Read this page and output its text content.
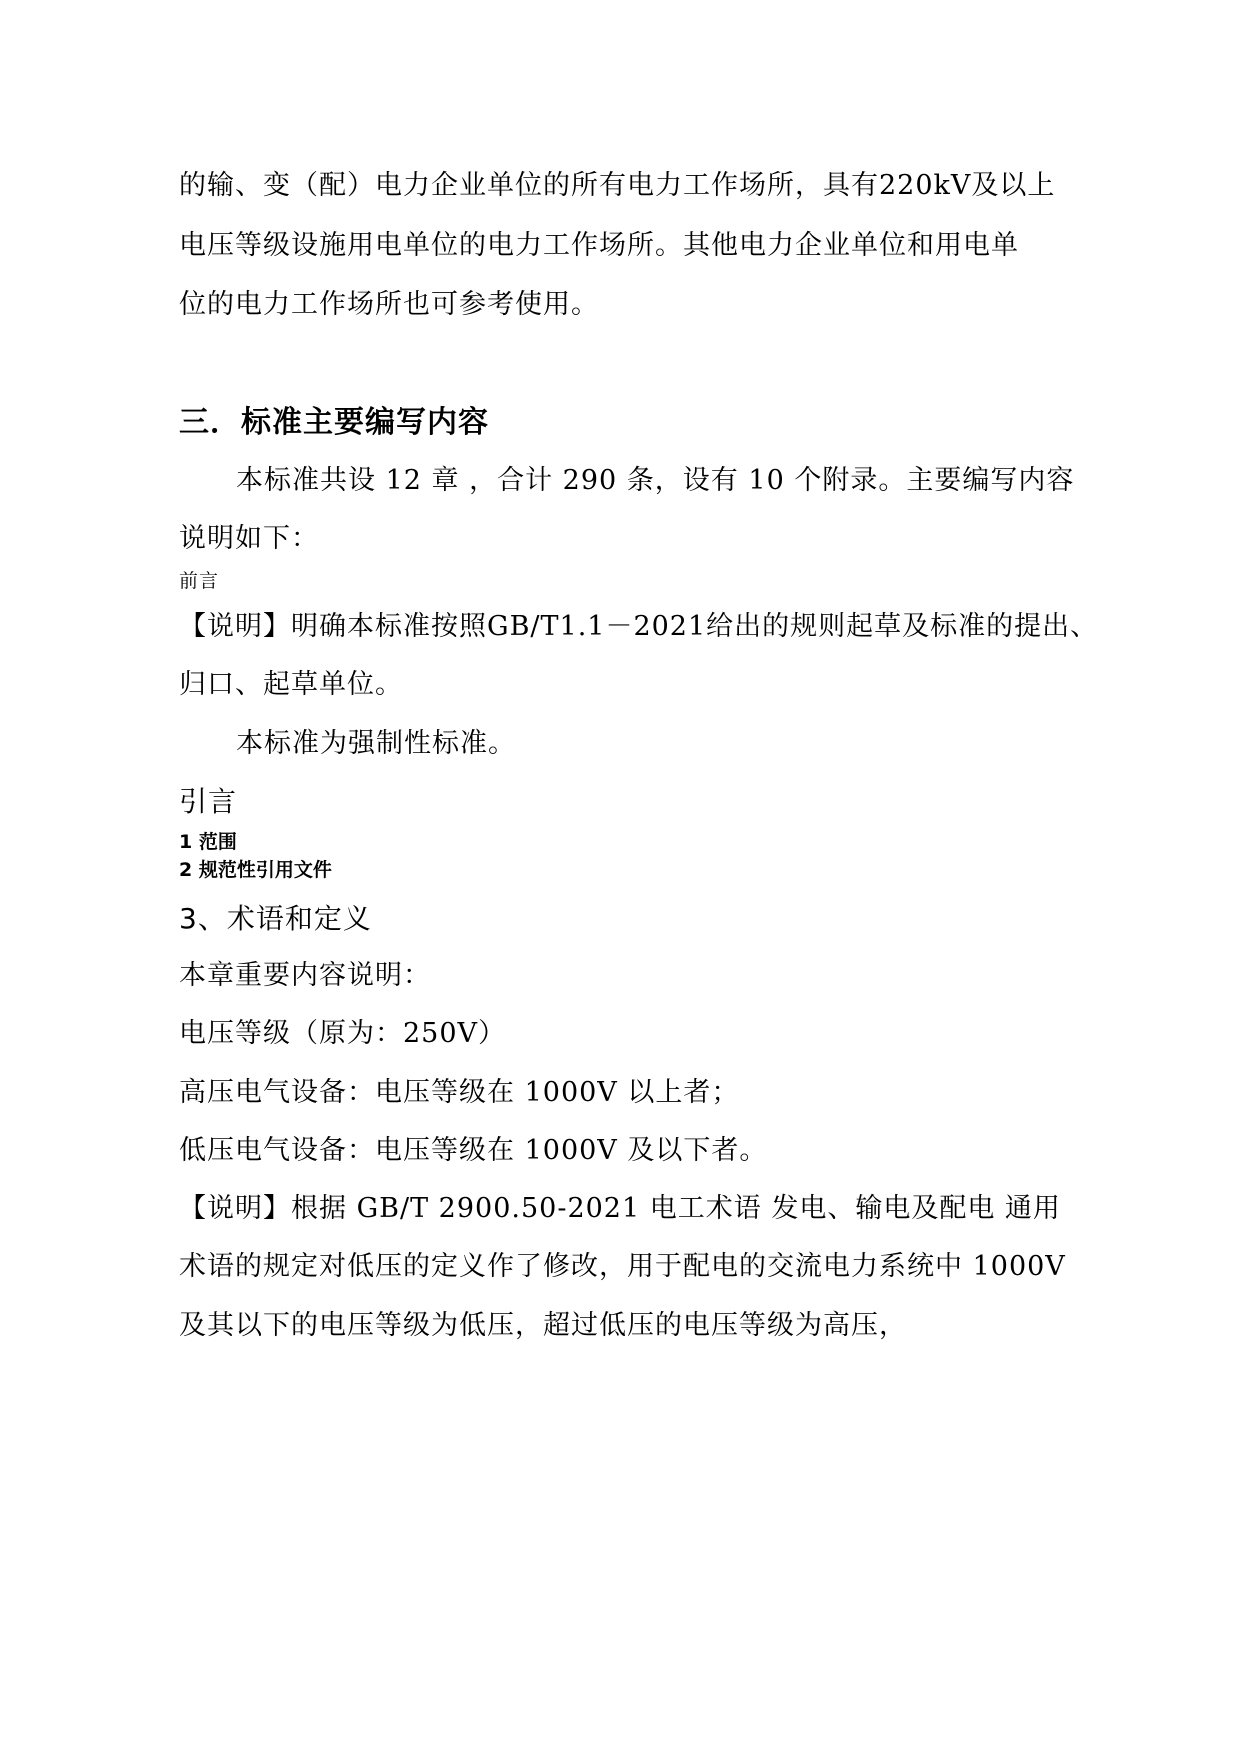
的输、变（配）电力企业单位的所有电力工作场所，具有220kV及以上
电压等级设施用电单位的电力工作场所。其他电力企业单位和用电单
位的电力工作场所也可参考使用。
三．标准主要编写内容
本标准共设 12 章 ，合计 290 条，设有 10 个附录。主要编写内容
说明如下：
前言
【说明】明确本标准按照GB/T1.1－2021给出的规则起草及标准的提出、
归口、起草单位。
本标准为强制性标准。
引言
1 范围
2 规范性引用文件
3、术语和定义
本章重要内容说明：
电压等级（原为：250V）
高压电气设备：电压等级在 1000V 以上者；
低压电气设备：电压等级在 1000V 及以下者。
【说明】根据 GB/T 2900.50-2021 电工术语 发电、输电及配电 通用
术语的规定对低压的定义作了修改，用于配电的交流电力系统中 1000V
及其以下的电压等级为低压，超过低压的电压等级为高压，
